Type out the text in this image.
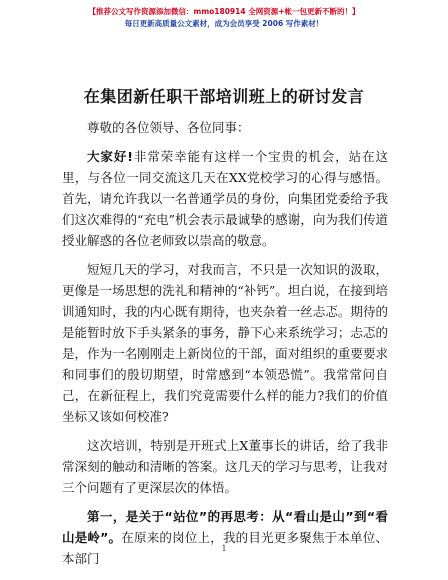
【推荐公文写作资源添加微信：mmo180914 全网资源+帐一包更新不断的！】
每日更新高质量公文素材，成为会员享受 2006 写作素材！
在集团新任职干部培训班上的研讨发言

尊敬的各位领导、各位同事：

大家好!非常荣幸能有这样一个宝贵的机会，站在这里，与各位一同交流这几天在XX党校学习的心得与感悟。首先，请允许我以一名普通学员的身份，向集团党委给予我们这次难得的“充电”机会表示最诚挚的感谢，向为我们传道授业解惑的各位老师致以崇高的敬意。

短短几天的学习，对我而言，不只是一次知识的汲取，更像是一场思想的洗礼和精神的“补钙”。坦白说，在接到培训通知时，我的内心既有期待，也夹杂着一丝忐忑。期待的是能暂时放下手头紧条的事务，静下心来系统学习；忐忑的是，作为一名刚刚走上新岗位的干部，面对组织的重要要求和同事们的殷切期望，时常感到“本领恐慌”。我常常问自己，在新征程上，我们究竟需要什么样的能力?我们的价值坐标又该如何校准?

这次培训，特别是开班式上X董事长的讲话，给了我非常深刻的触动和清晰的答案。这几天的学习与思考，让我对三个问题有了更深层次的体悟。

第一，是关于“站位”的再思考：从“看山是山”到“看山是岭”。在原来的岗位上，我的目光更多聚焦于本单位、本部门

1
